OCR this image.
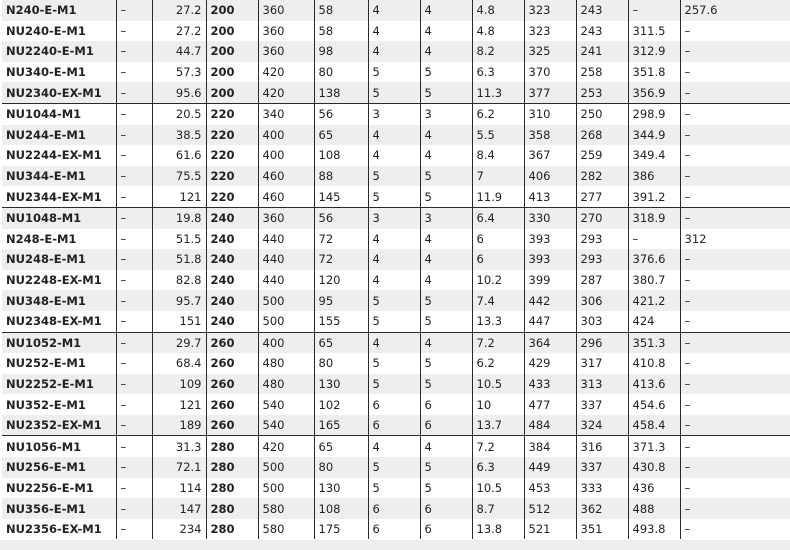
N240-E-M1	–	27.2	200	360	58	4	4	4.8	323	243	–	257.6
NU240-E-M1	–	27.2	200	360	58	4	4	4.8	323	243	311.5	–
NU2240-E-M1	–	44.7	200	360	98	4	4	8.2	325	241	312.9	–
NU340-E-M1	–	57.3	200	420	80	5	5	6.3	370	258	351.8	–
NU2340-EX-M1	–	95.6	200	420	138	5	5	11.3	377	253	356.9	–
NU1044-M1	–	20.5	220	340	56	3	3	6.2	310	250	298.9	–
NU244-E-M1	–	38.5	220	400	65	4	4	5.5	358	268	344.9	–
NU2244-EX-M1	–	61.6	220	400	108	4	4	8.4	367	259	349.4	–
NU344-E-M1	–	75.5	220	460	88	5	5	7	406	282	386	–
NU2344-EX-M1	–	121	220	460	145	5	5	11.9	413	277	391.2	–
NU1048-M1	–	19.8	240	360	56	3	3	6.4	330	270	318.9	–
N248-E-M1	–	51.5	240	440	72	4	4	6	393	293	–	312
NU248-E-M1	–	51.8	240	440	72	4	4	6	393	293	376.6	–
NU2248-EX-M1	–	82.8	240	440	120	4	4	10.2	399	287	380.7	–
NU348-E-M1	–	95.7	240	500	95	5	5	7.4	442	306	421.2	–
NU2348-EX-M1	–	151	240	500	155	5	5	13.3	447	303	424	–
NU1052-M1	–	29.7	260	400	65	4	4	7.2	364	296	351.3	–
NU252-E-M1	–	68.4	260	480	80	5	5	6.2	429	317	410.8	–
NU2252-E-M1	–	109	260	480	130	5	5	10.5	433	313	413.6	–
NU352-E-M1	–	121	260	540	102	6	6	10	477	337	454.6	–
NU2352-EX-M1	–	189	260	540	165	6	6	13.7	484	324	458.4	–
NU1056-M1	–	31.3	280	420	65	4	4	7.2	384	316	371.3	–
NU256-E-M1	–	72.1	280	500	80	5	5	6.3	449	337	430.8	–
NU2256-E-M1	–	114	280	500	130	5	5	10.5	453	333	436	–
NU356-E-M1	–	147	280	580	108	6	6	8.7	512	362	488	–
NU2356-EX-M1	–	234	280	580	175	6	6	13.8	521	351	493.8	–
